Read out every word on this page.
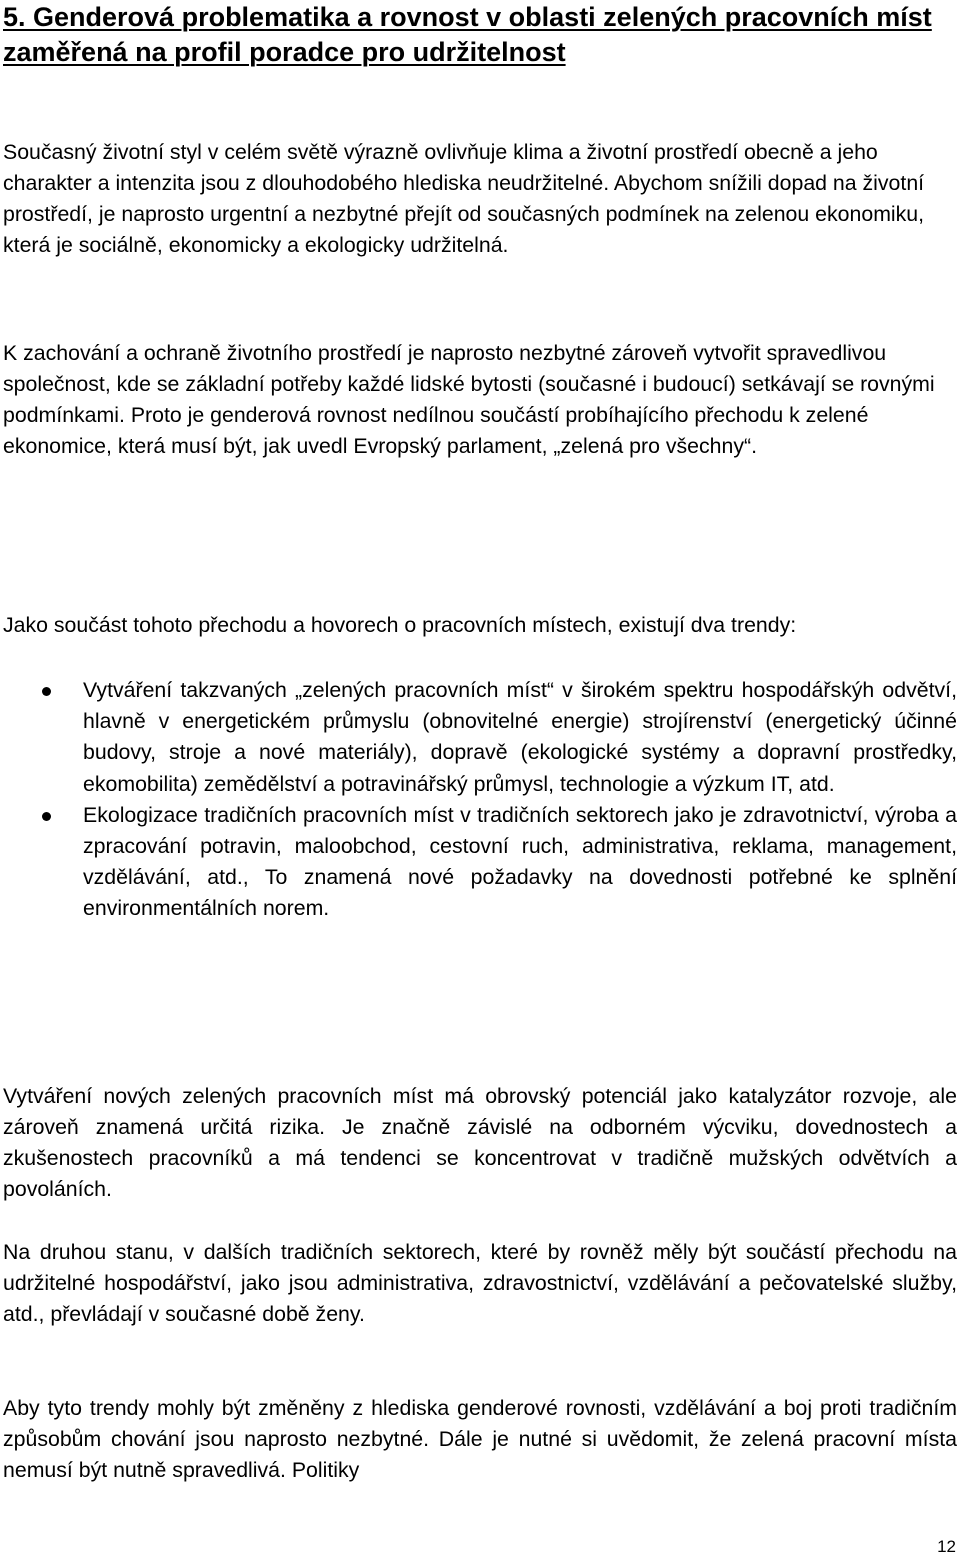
5. Genderová problematika a rovnost v oblasti zelených pracovních míst zaměřená na profil poradce pro udržitelnost

Současný životní styl v celém světě výrazně ovlivňuje klima a životní prostředí obecně a jeho charakter a intenzita jsou z dlouhodobého hlediska neudržitelné. Abychom snížili dopad na životní prostředí, je naprosto urgentní a nezbytné přejít od současných podmínek na zelenou ekonomiku, která je sociálně, ekonomicky a ekologicky udržitelná.

K zachování a ochraně životního prostředí je naprosto nezbytné zároveň vytvořit spravedlivou společnost, kde se základní potřeby každé lidské bytosti (současné i budoucí) setkávají se rovnými podmínkami. Proto je genderová rovnost nedílnou součástí probíhajícího přechodu k zelené ekonomice, která musí být, jak uvedl Evropský parlament, „zelená pro všechny“.

Jako součást tohoto přechodu a hovorech o pracovních místech, existují dva trendy:

Vytváření takzvaných „zelených pracovních míst“ v širokém spektru hospodářskýh odvětví, hlavně v energetickém průmyslu (obnovitelné energie) strojírenství (energetický účinné budovy, stroje a nové materiály), dopravě (ekologické systémy a dopravní prostředky, ekomobilita) zemědělství a potravinářský průmysl, technologie a výzkum IT, atd.
Ekologizace tradičních pracovních míst v tradičních sektorech jako je zdravotnictví, výroba a zpracování potravin, maloobchod, cestovní ruch, administrativa, reklama, management, vzdělávání, atd., To znamená nové požadavky na dovednosti potřebné ke splnění environmentálních norem.

Vytváření nových zelených pracovních míst má obrovský potenciál jako katalyzátor rozvoje, ale zároveň znamená určitá rizika. Je značně závislé na odborném výcviku, dovednostech a zkušenostech pracovníků a má tendenci se koncentrovat v tradičně mužských odvětvích a povoláních.

Na druhou stanu, v dalších tradičních sektorech, které by rovněž měly být součástí přechodu na udržitelné hospodářství, jako jsou administrativa, zdravostnictví, vzdělávání a pečovatelské služby, atd., převládají v současné době ženy.

Aby tyto trendy mohly být změněny z hlediska genderové rovnosti, vzdělávání a boj proti tradičním způsobům chování jsou naprosto nezbytné. Dále je nutné si uvědomit, že zelená pracovní místa nemusí být nutně spravedlivá. Politiky

12
